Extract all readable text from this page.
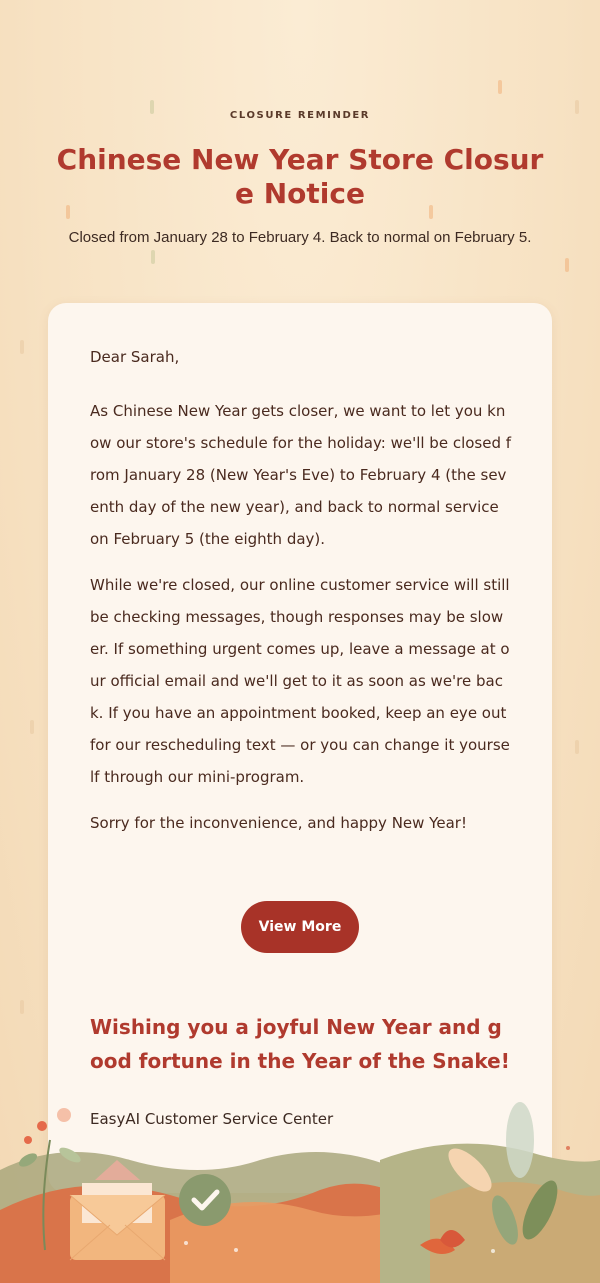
CLOSURE REMINDER
Chinese New Year Store Closure Notice
Closed from January 28 to February 4. Back to normal on February 5.

Dear Sarah,

As Chinese New Year gets closer, we want to let you know our store's schedule for the holiday: we'll be closed from January 28 (New Year's Eve) to February 4 (the seventh day of the new year), and back to normal service on February 5 (the eighth day).

While we're closed, our online customer service will still be checking messages, though responses may be slower. If something urgent comes up, leave a message at our official email and we'll get to it as soon as we're back. If you have an appointment booked, keep an eye out for our rescheduling text — or you can change it yourself through our mini-program.

Sorry for the inconvenience, and happy New Year!

View More
Wishing you a joyful New Year and good fortune in the Year of the Snake!
EasyAI Customer Service Center
